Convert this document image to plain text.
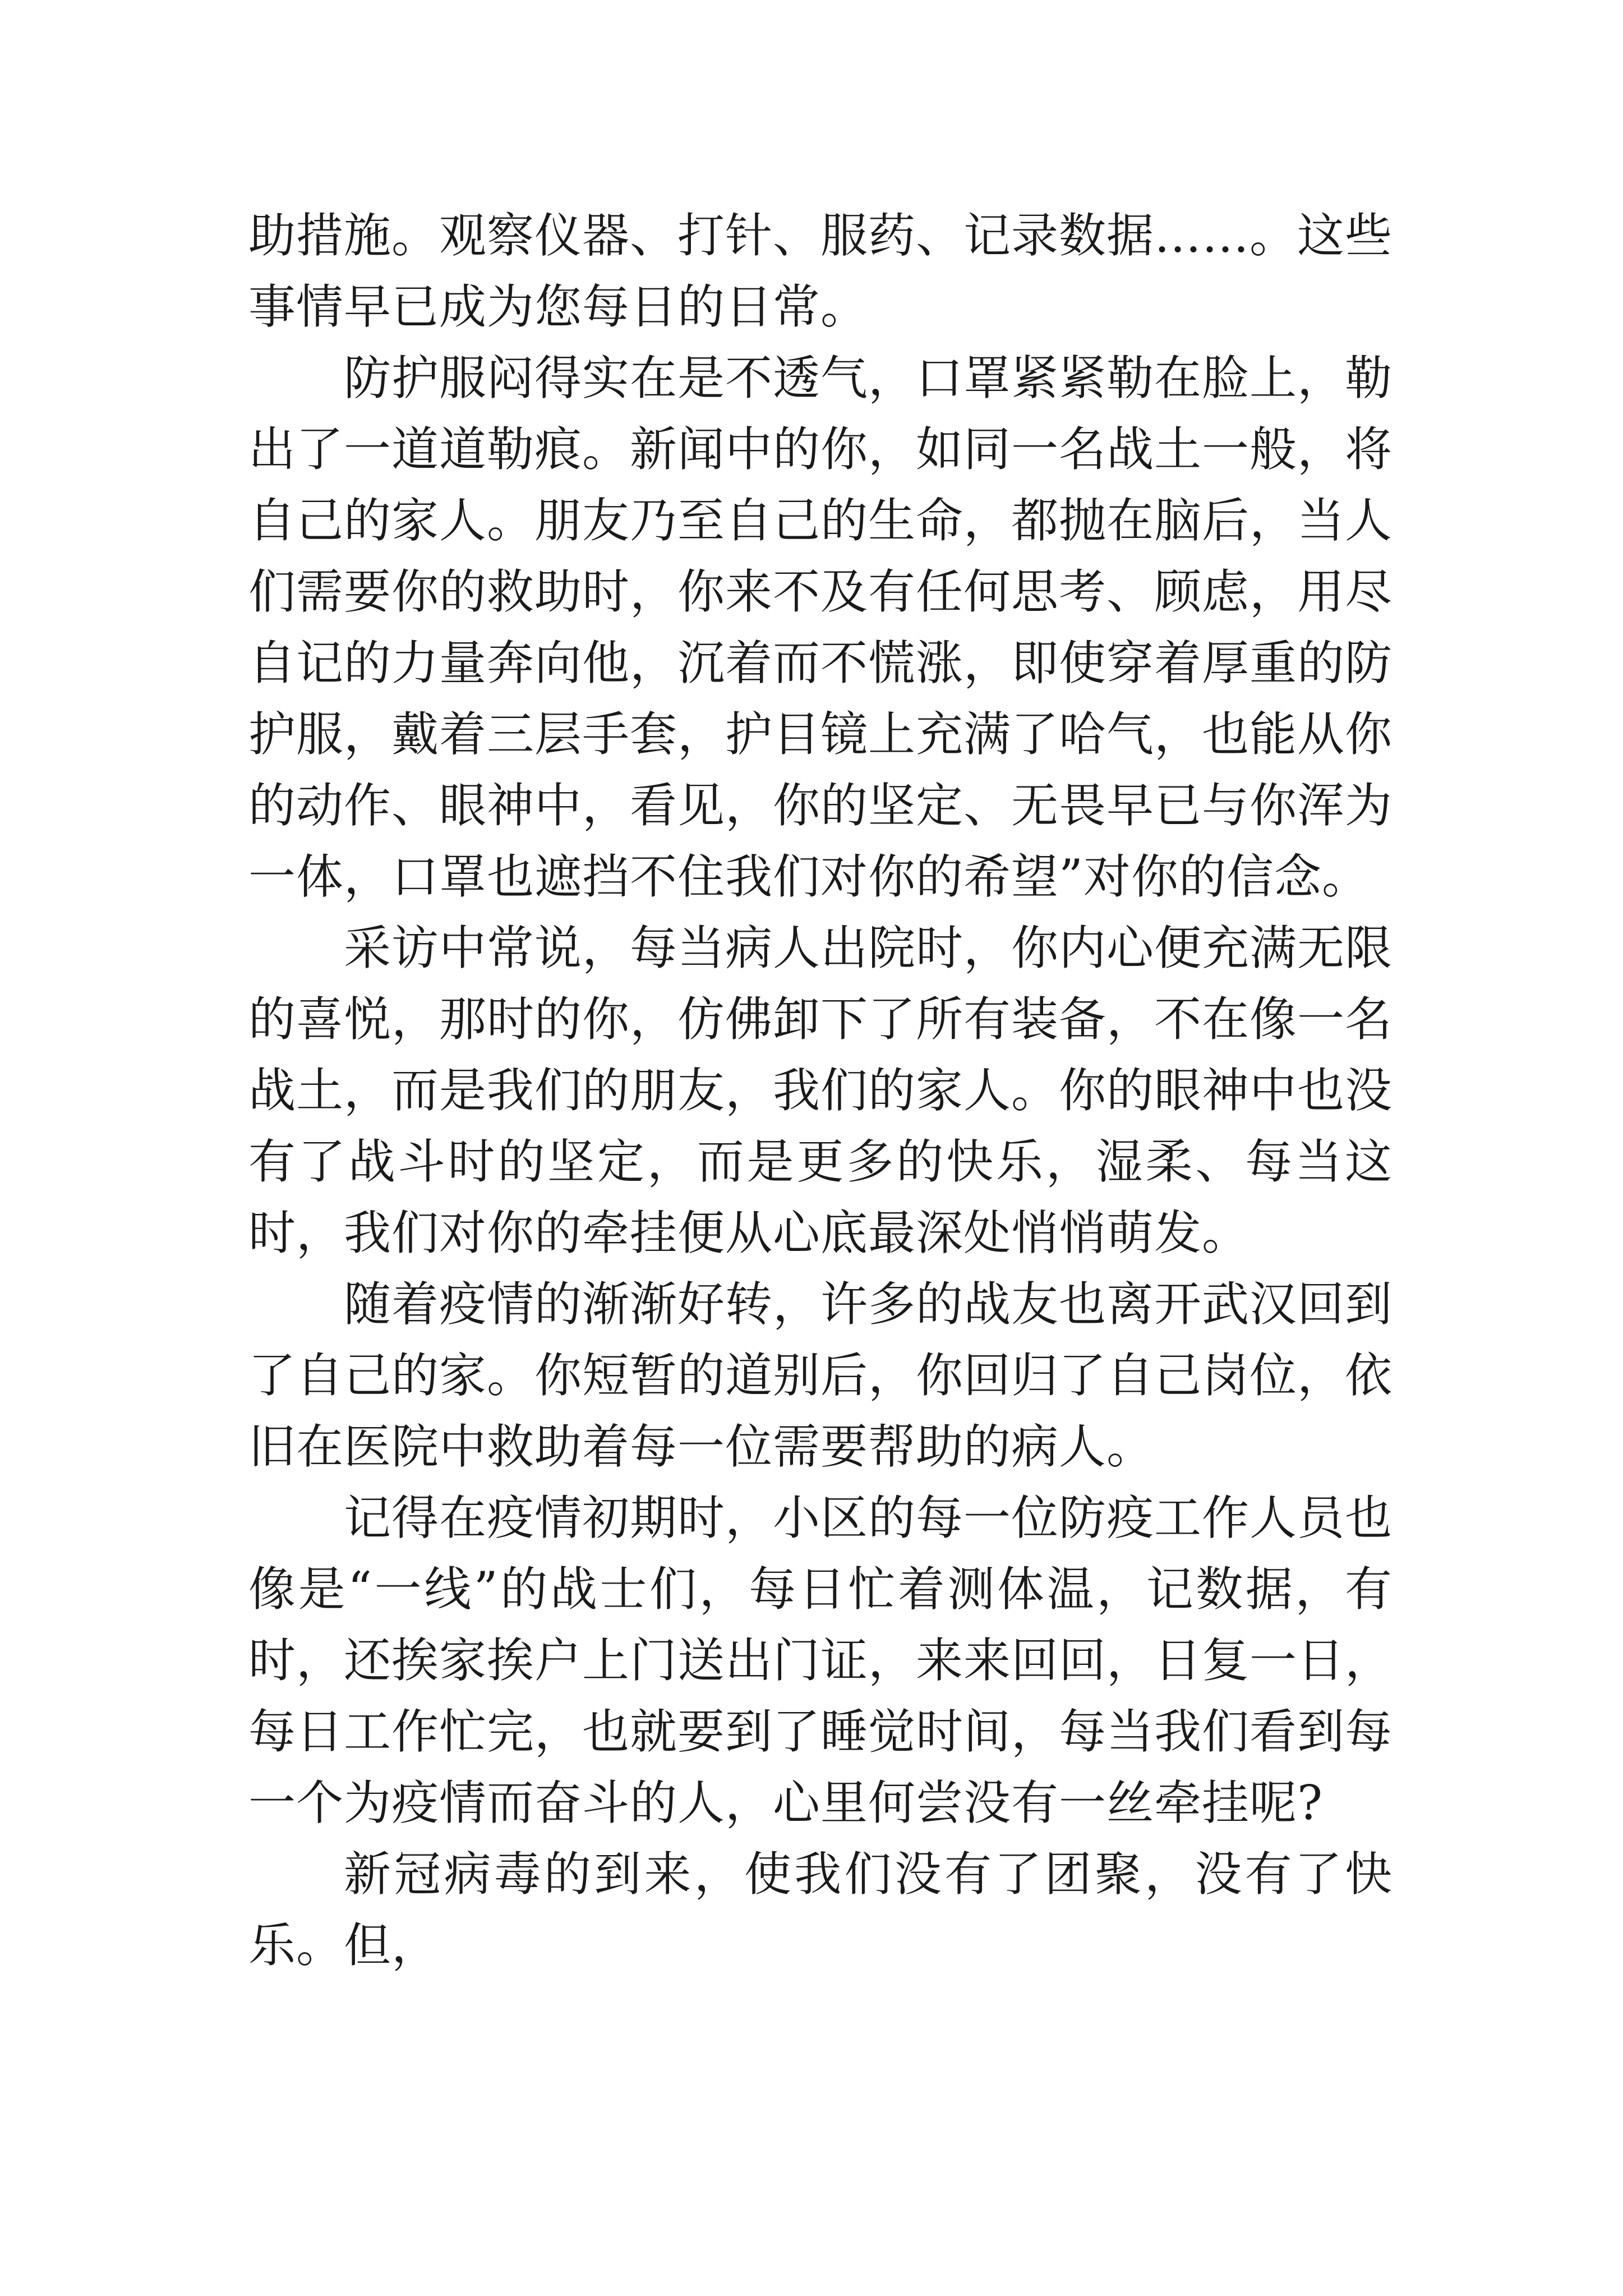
助措施。观察仪器、打针、服药、记录数据……。这些事情早已成为您每日的日常。

防护服闷得实在是不透气，口罩紧紧勒在脸上，勒出了一道道勒痕。新闻中的你，如同一名战土一般，将自己的家人。朋友乃至自己的生命，都抛在脑后，当人们需要你的救助时，你来不及有任何思考、顾虑，用尽自记的力量奔向他，沉着而不慌涨，即使穿着厚重的防护服，戴着三层手套，护目镜上充满了哈气，也能从你的动作、眼神中，看见，你的坚定、无畏早已与你浑为一体，口罩也遮挡不住我们对你的希望”对你的信念。

采访中常说，每当病人出院时，你内心便充满无限的喜悦，那时的你，仿佛卸下了所有装备，不在像一名战土，而是我们的朋友，我们的家人。你的眼神中也没有了战斗时的坚定，而是更多的快乐，湿柔、每当这时，我们对你的牵挂便从心底最深处悄悄萌发。

随着疫情的渐渐好转，许多的战友也离开武汉回到了自己的家。你短暂的道别后，你回归了自己岗位，依旧在医院中救助着每一位需要帮助的病人。

记得在疫情初期时，小区的每一位防疫工作人员也像是“一线”的战士们，每日忙着测体温，记数据，有时，还挨家挨户上门送出门证，来来回回，日复一日，每日工作忙完，也就要到了睡觉时间，每当我们看到每一个为疫情而奋斗的人，心里何尝没有一丝牵挂呢?

新冠病毒的到来，使我们没有了团聚，没有了快乐。但，
